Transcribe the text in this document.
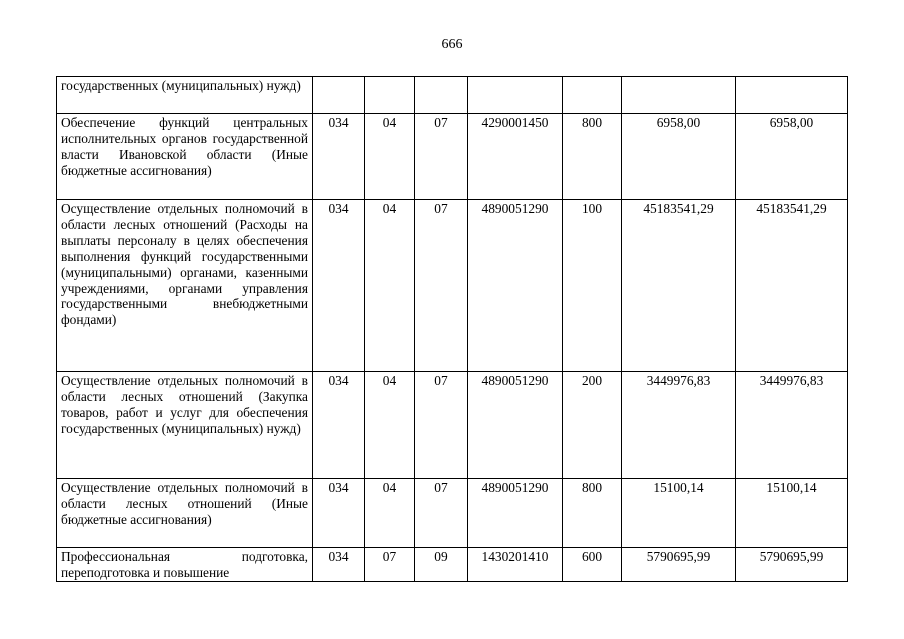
666
государственных (муниципальных) нужд)							
Обеспечение функций центральных исполнительных органов государственной власти Ивановской области (Иные бюджетные ассигнования)	034	04	07	4290001450	800	6958,00	6958,00
Осуществление отдельных полномочий в области лесных отношений (Расходы на выплаты персоналу в целях обеспечения выполнения функций государственными (муниципальными) органами, казенными учреждениями, органами управления государственными внебюджетными фондами)	034	04	07	4890051290	100	45183541,29	45183541,29
Осуществление отдельных полномочий в области лесных отношений (Закупка товаров, работ и услуг для обеспечения государственных (муниципальных) нужд)	034	04	07	4890051290	200	3449976,83	3449976,83
Осуществление отдельных полномочий в области лесных отношений (Иные бюджетные ассигнования)	034	04	07	4890051290	800	15100,14	15100,14
Профессиональная подготовка, переподготовка и повышение	034	07	09	1430201410	600	5790695,99	5790695,99
